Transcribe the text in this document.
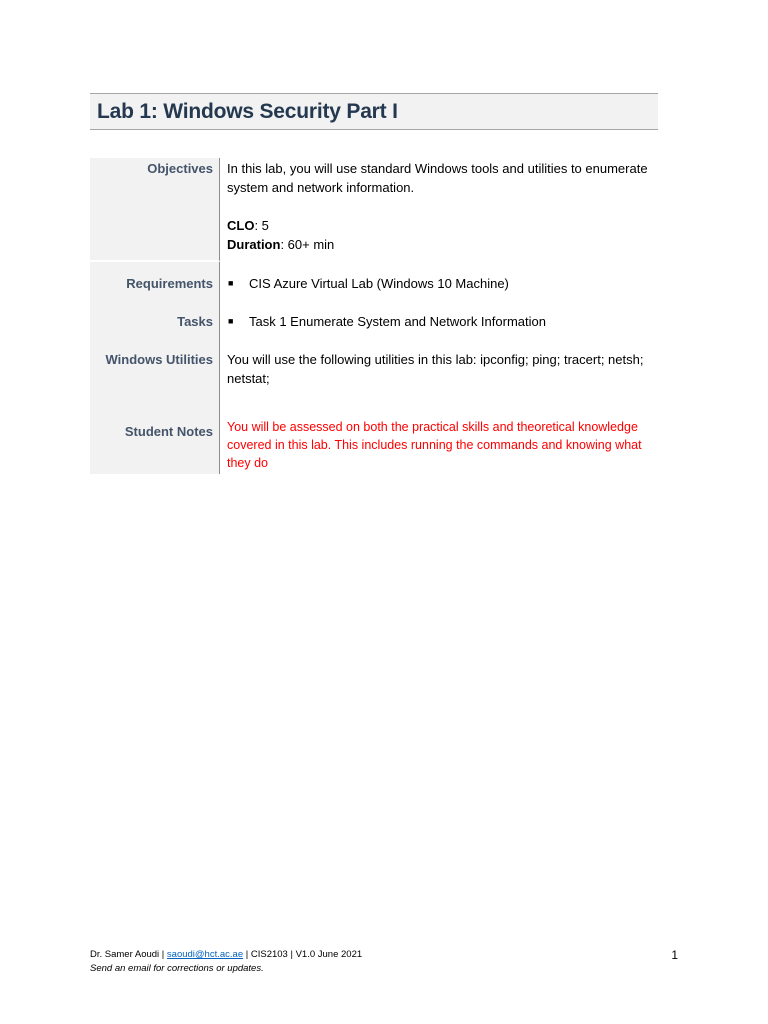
Lab 1: Windows Security Part I
Objectives In this lab, you will use standard Windows tools and utilities to enumerate system and network information.
CLO: 5
Duration: 60+ min
Requirements ■	CIS Azure Virtual Lab (Windows 10 Machine)
Tasks ■	Task 1 Enumerate System and Network Information
Windows Utilities You will use the following utilities in this lab: ipconfig; ping; tracert; netsh; netstat;
Student Notes You will be assessed on both the practical skills and theoretical knowledge covered in this lab. This includes running the commands and knowing what they do
Dr. Samer Aoudi | saoudi@hct.ac.ae | CIS2103 | V1.0 June 2021
Send an email for corrections or updates.
1
